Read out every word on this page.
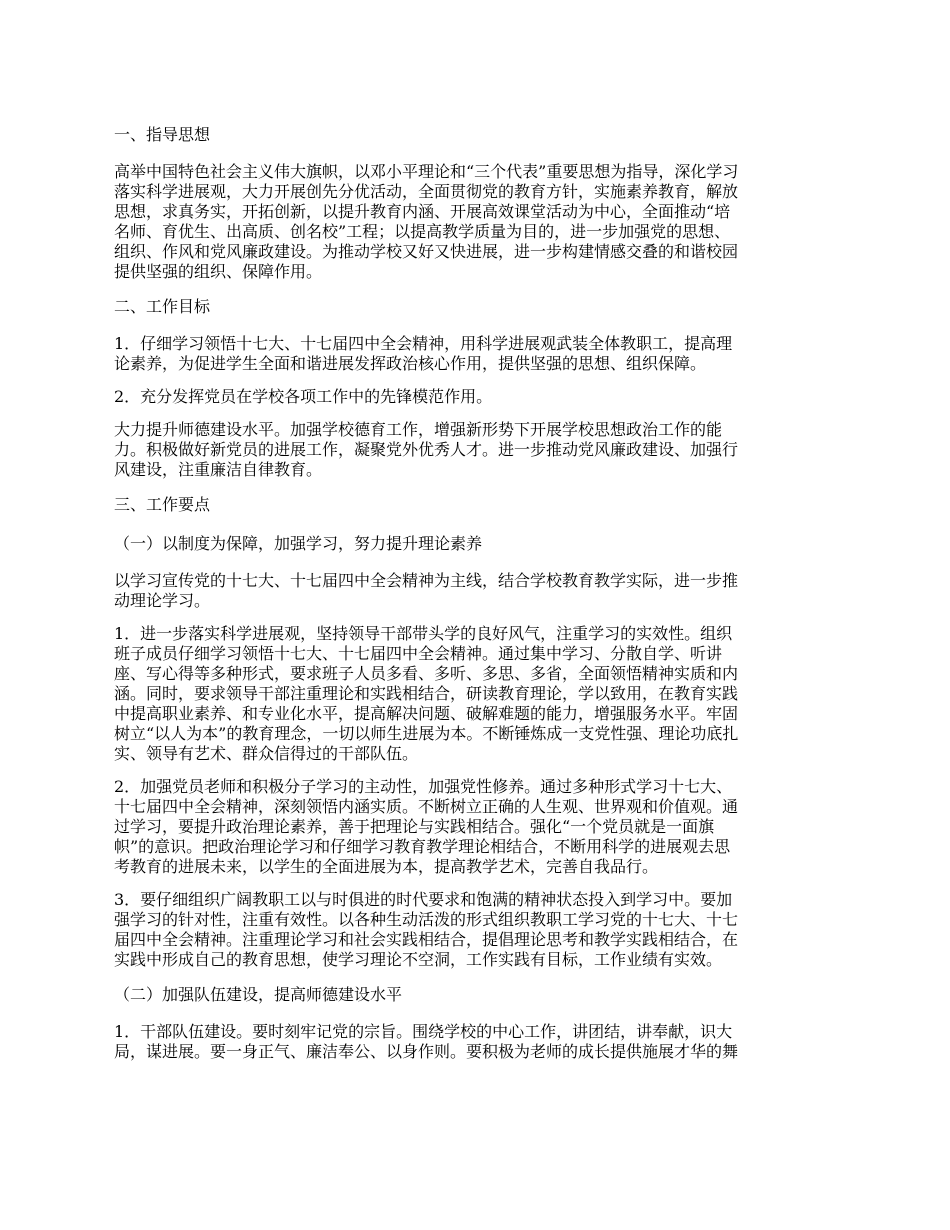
一、指导思想
高举中国特色社会主义伟大旗帜，以邓小平理论和“三个代表”重要思想为指导，深化学习
落实科学进展观，大力开展创先分优活动，全面贯彻党的教育方针，实施素养教育，解放
思想，求真务实，开拓创新，以提升教育内涵、开展高效课堂活动为中心，全面推动“培
名师、育优生、出高质、创名校”工程；以提高教学质量为目的，进一步加强党的思想、
组织、作风和党风廉政建设。为推动学校又好又快进展，进一步构建情感交叠的和谐校园
提供坚强的组织、保障作用。
二、工作目标
1．仔细学习领悟十七大、十七届四中全会精神，用科学进展观武装全体教职工，提高理
论素养，为促进学生全面和谐进展发挥政治核心作用，提供坚强的思想、组织保障。
2．充分发挥党员在学校各项工作中的先锋模范作用。
大力提升师德建设水平。加强学校德育工作，增强新形势下开展学校思想政治工作的能
力。积极做好新党员的进展工作，凝聚党外优秀人才。进一步推动党风廉政建设、加强行
风建设，注重廉洁自律教育。
三、工作要点
（一）以制度为保障，加强学习，努力提升理论素养
以学习宣传党的十七大、十七届四中全会精神为主线，结合学校教育教学实际，进一步推
动理论学习。
1．进一步落实科学进展观，坚持领导干部带头学的良好风气，注重学习的实效性。组织
班子成员仔细学习领悟十七大、十七届四中全会精神。通过集中学习、分散自学、听讲
座、写心得等多种形式，要求班子人员多看、多听、多思、多省，全面领悟精神实质和内
涵。同时，要求领导干部注重理论和实践相结合，研读教育理论，学以致用，在教育实践
中提高职业素养、和专业化水平，提高解决问题、破解难题的能力，增强服务水平。牢固
树立“以人为本”的教育理念，一切以师生进展为本。不断锤炼成一支党性强、理论功底扎
实、领导有艺术、群众信得过的干部队伍。
2．加强党员老师和积极分子学习的主动性，加强党性修养。通过多种形式学习十七大、
十七届四中全会精神，深刻领悟内涵实质。不断树立正确的人生观、世界观和价值观。通
过学习，要提升政治理论素养，善于把理论与实践相结合。强化“一个党员就是一面旗
帜”的意识。把政治理论学习和仔细学习教育教学理论相结合，不断用科学的进展观去思
考教育的进展未来，以学生的全面进展为本，提高教学艺术，完善自我品行。
3．要仔细组织广阔教职工以与时俱进的时代要求和饱满的精神状态投入到学习中。要加
强学习的针对性，注重有效性。以各种生动活泼的形式组织教职工学习党的十七大、十七
届四中全会精神。注重理论学习和社会实践相结合，提倡理论思考和教学实践相结合，在
实践中形成自己的教育思想，使学习理论不空洞，工作实践有目标，工作业绩有实效。
（二）加强队伍建设，提高师德建设水平
1．干部队伍建设。要时刻牢记党的宗旨。围绕学校的中心工作，讲团结，讲奉献，识大
局，谋进展。要一身正气、廉洁奉公、以身作则。要积极为老师的成长提供施展才华的舞
